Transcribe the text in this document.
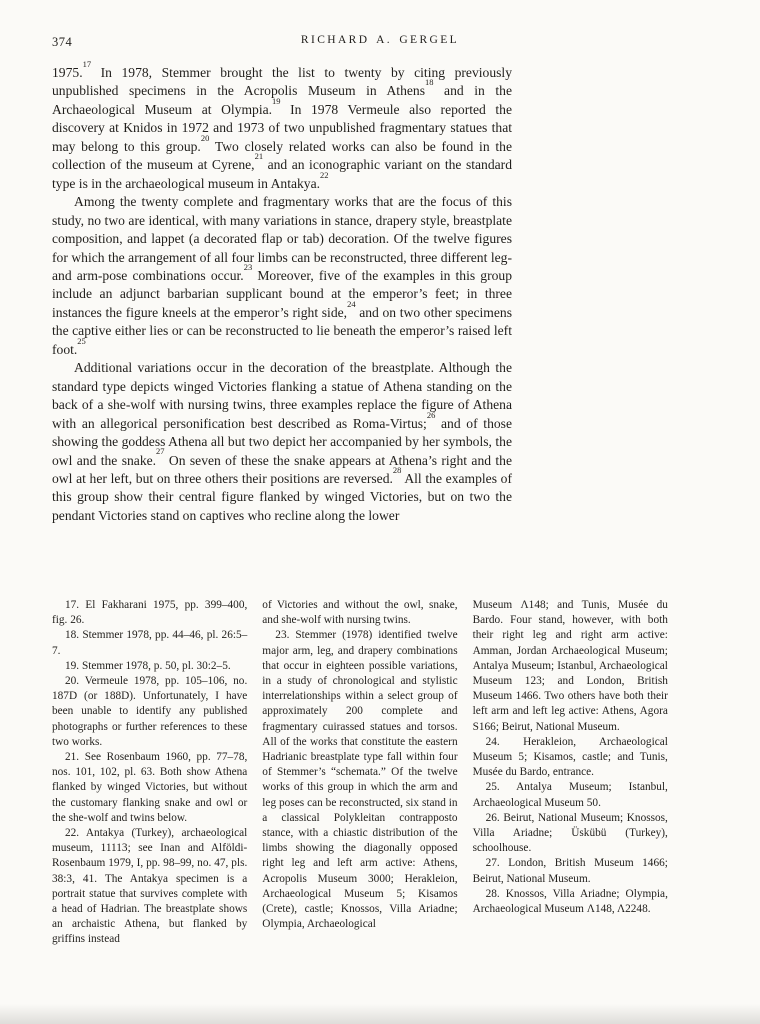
374	RICHARD A. GERGEL

1975.17 In 1978, Stemmer brought the list to twenty by citing previously unpublished specimens in the Acropolis Museum in Athens$^{18}$ and in the Archaeological Museum at Olympia.$^{19}$ In 1978 Vermeule also reported the discovery at Knidos in 1972 and 1973 of two unpublished fragmentary statues that may belong to this group.$^{20}$ Two closely related works can also be found in the collection of the museum at Cyrene,$^{21}$ and an iconographic variant on the standard type is in the archaeological museum in Antakya.$^{22}$

Among the twenty complete and fragmentary works that are the focus of this study, no two are identical, with many variations in stance, drapery style, breastplate composition, and lappet (a decorated flap or tab) decoration. Of the twelve figures for which the arrangement of all four limbs can be reconstructed, three different leg- and arm-pose combinations occur.$^{23}$ Moreover, five of the examples in this group include an adjunct barbarian supplicant bound at the emperor’s feet; in three instances the figure kneels at the emperor’s right side,$^{24}$ and on two other specimens the captive either lies or can be reconstructed to lie beneath the emperor’s raised left foot.$^{25}$

Additional variations occur in the decoration of the breastplate. Although the standard type depicts winged Victories flanking a statue of Athena standing on the back of a she-wolf with nursing twins, three examples replace the figure of Athena with an allegorical personification best described as Roma-Virtus;$^{26}$ and of those showing the goddess Athena all but two depict her accompanied by her symbols, the owl and the snake.$^{27}$ On seven of these the snake appears at Athena’s right and the owl at her left, but on three others their positions are reversed.$^{28}$ All the examples of this group show their central figure flanked by winged Victories, but on two the pendant Victories stand on captives who recline along the lower

17. El Fakharani 1975, pp. 399–400, fig. 26.

18. Stemmer 1978, pp. 44–46, pl. 26:5–7.

19. Stemmer 1978, p. 50, pl. 30:2–5.

20. Vermeule 1978, pp. 105–106, no. 187D (or 188D). Unfortunately, I have been unable to identify any published photographs or further references to these two works.

21. See Rosenbaum 1960, pp. 77–78, nos. 101, 102, pl. 63. Both show Athena flanked by winged Victories, but without the customary flanking snake and owl or the she-wolf and twins below.

22. Antakya (Turkey), archaeological museum, 11113; see Inan and Alföldi-Rosenbaum 1979, I, pp. 98–99, no. 47, pls. 38:3, 41. The Antakya specimen is a portrait statue that survives complete with a head of Hadrian. The breastplate shows an archaistic Athena, but flanked by griffins instead

of Victories and without the owl, snake, and she-wolf with nursing twins.

23. Stemmer (1978) identified twelve major arm, leg, and drapery combinations that occur in eighteen possible variations, in a study of chronological and stylistic interrelationships within a select group of approximately 200 complete and fragmentary cuirassed statues and torsos. All of the works that constitute the eastern Hadrianic breastplate type fall within four of Stemmer’s “schemata.” Of the twelve works of this group in which the arm and leg poses can be reconstructed, six stand in a classical Polykleitan contrapposto stance, with a chiastic distribution of the limbs showing the diagonally opposed right leg and left arm active: Athens, Acropolis Museum 3000; Herakleion, Archaeological Museum 5; Kisamos (Crete), castle; Knossos, Villa Ariadne; Olympia, Archaeological

Museum Λ148; and Tunis, Musée du Bardo. Four stand, however, with both their right leg and right arm active: Amman, Jordan Archaeological Museum; Antalya Museum; Istanbul, Archaeological Museum 123; and London, British Museum 1466. Two others have both their left arm and left leg active: Athens, Agora S166; Beirut, National Museum.

24. Herakleion, Archaeological Museum 5; Kisamos, castle; and Tunis, Musée du Bardo, entrance.

25. Antalya Museum; Istanbul, Archaeological Museum 50.

26. Beirut, National Museum; Knossos, Villa Ariadne; Üskübü (Turkey), schoolhouse.

27. London, British Museum 1466; Beirut, National Museum.

28. Knossos, Villa Ariadne; Olympia, Archaeological Museum Λ148, Λ2248.
